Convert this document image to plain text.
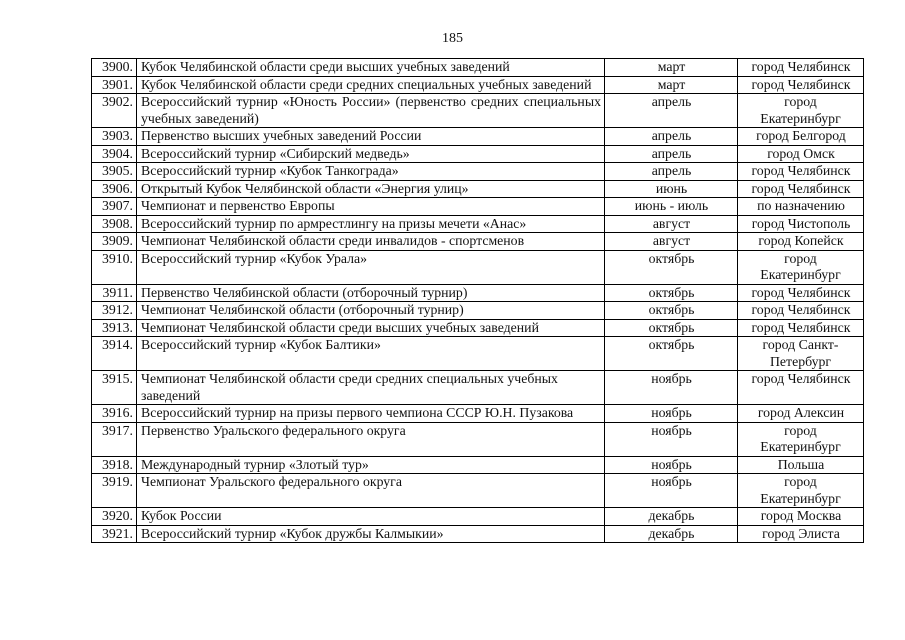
185
3900.	Кубок Челябинской области среди высших учебных заведений	март	город Челябинск
3901.	Кубок Челябинской области среди средних специальных учебных заведений	март	город Челябинск
3902.	Всероссийский турнир «Юность России» (первенство средних специальных учебных заведений)	апрель	город Екатеринбург
3903.	Первенство высших учебных заведений России	апрель	город Белгород
3904.	Всероссийский турнир «Сибирский медведь»	апрель	город Омск
3905.	Всероссийский турнир «Кубок Танкограда»	апрель	город Челябинск
3906.	Открытый Кубок Челябинской области «Энергия улиц»	июнь	город Челябинск
3907.	Чемпионат и первенство Европы	июнь - июль	по назначению
3908.	Всероссийский турнир по армрестлингу на призы мечети «Анас»	август	город Чистополь
3909.	Чемпионат Челябинской области среди инвалидов - спортсменов	август	город Копейск
3910.	Всероссийский турнир «Кубок Урала»	октябрь	город Екатеринбург
3911.	Первенство Челябинской области (отборочный турнир)	октябрь	город Челябинск
3912.	Чемпионат Челябинской области (отборочный турнир)	октябрь	город Челябинск
3913.	Чемпионат Челябинской области среди высших учебных заведений	октябрь	город Челябинск
3914.	Всероссийский турнир «Кубок Балтики»	октябрь	город Санкт-Петербург
3915.	Чемпионат Челябинской области среди средних специальных учебных заведений	ноябрь	город Челябинск
3916.	Всероссийский турнир на призы первого чемпиона СССР Ю.Н. Пузакова	ноябрь	город Алексин
3917.	Первенство Уральского федерального округа	ноябрь	город Екатеринбург
3918.	Международный турнир «Злотый тур»	ноябрь	Польша
3919.	Чемпионат Уральского федерального округа	ноябрь	город Екатеринбург
3920.	Кубок России	декабрь	город Москва
3921.	Всероссийский турнир «Кубок дружбы Калмыкии»	декабрь	город Элиста
